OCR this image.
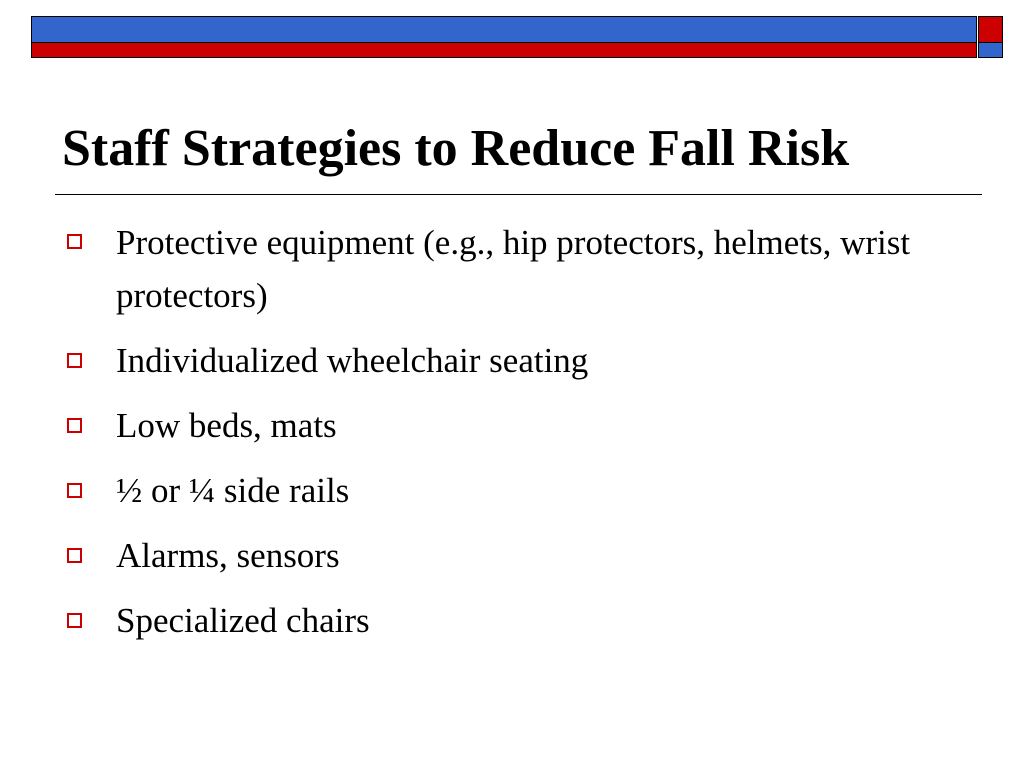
Staff Strategies to Reduce Fall Risk
Protective equipment (e.g., hip protectors, helmets, wrist protectors)
Individualized wheelchair seating
Low beds, mats
½ or ¼ side rails
Alarms, sensors
Specialized chairs
